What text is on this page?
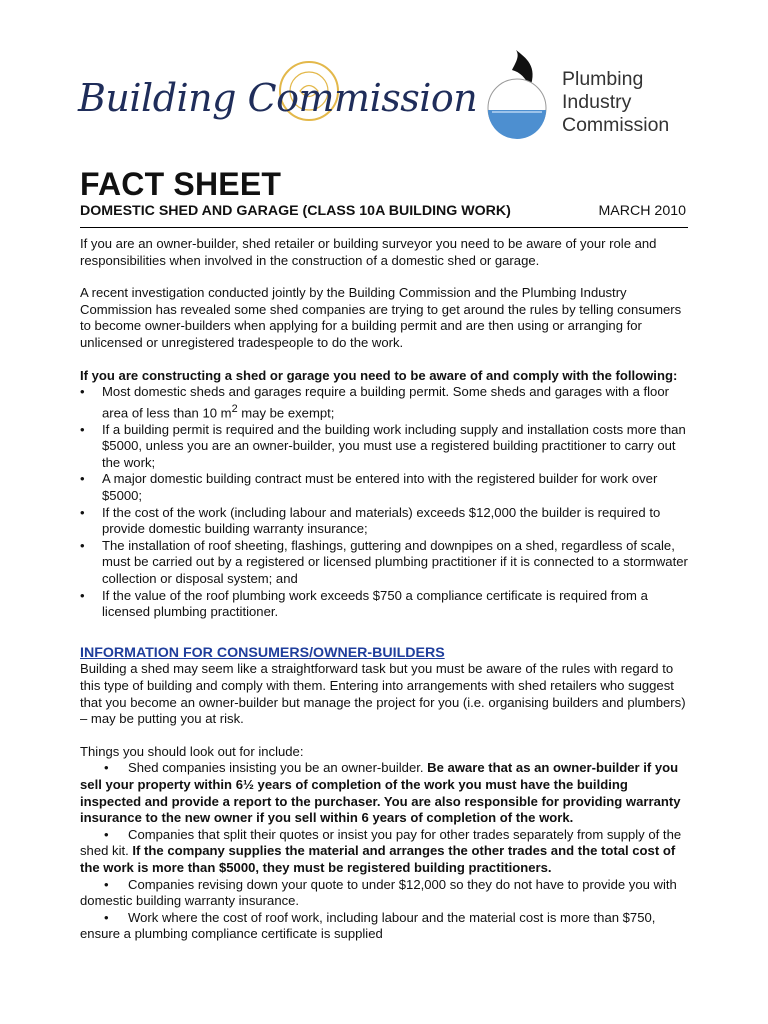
Building Commission	Plumbing
Industry
Commission
FACT SHEET
DOMESTIC SHED AND GARAGE (CLASS 10A BUILDING WORK)	MARCH 2010

If you are an owner-builder, shed retailer or building surveyor you need to be aware of your role and responsibilities when involved in the construction of a domestic shed or garage.

A recent investigation conducted jointly by the Building Commission and the Plumbing Industry Commission has revealed some shed companies are trying to get around the rules by telling consumers to become owner-builders when applying for a building permit and are then using or arranging for unlicensed or unregistered tradespeople to do the work.

If you are constructing a shed or garage you need to be aware of and comply with the following:

• Most domestic sheds and garages require a building permit. Some sheds and garages with a floor area of less than 10 $m^2$ may be exempt;
• If a building permit is required and the building work including supply and installation costs more than $5000, unless you are an owner-builder, you must use a registered building practitioner to carry out the work;
• A major domestic building contract must be entered into with the registered builder for work over $5000;
• If the cost of the work (including labour and materials) exceeds $12,000 the builder is required to provide domestic building warranty insurance;
• The installation of roof sheeting, flashings, guttering and downpipes on a shed, regardless of scale, must be carried out by a registered or licensed plumbing practitioner if it is connected to a stormwater collection or disposal system; and
• If the value of the roof plumbing work exceeds $750 a compliance certificate is required from a licensed plumbing practitioner.
INFORMATION FOR CONSUMERS/OWNER-BUILDERS

Building a shed may seem like a straightforward task but you must be aware of the rules with regard to this type of building and comply with them. Entering into arrangements with shed retailers who suggest that you become an owner-builder but manage the project for you (i.e. organising builders and plumbers) – may be putting you at risk.

Things you should look out for include:

• Shed companies insisting you be an owner-builder. Be aware that as an owner-builder if you sell your property within 6½ years of completion of the work you must have the building inspected and provide a report to the purchaser. You are also responsible for providing warranty insurance to the new owner if you sell within 6 years of completion of the work.
• Companies that split their quotes or insist you pay for other trades separately from supply of the shed kit. If the company supplies the material and arranges the other trades and the total cost of the work is more than $5000, they must be registered building practitioners.
• Companies revising down your quote to under $12,000 so they do not have to provide you with domestic building warranty insurance.
• Work where the cost of roof work, including labour and the material cost is more than $750, ensure a plumbing compliance certificate is supplied
